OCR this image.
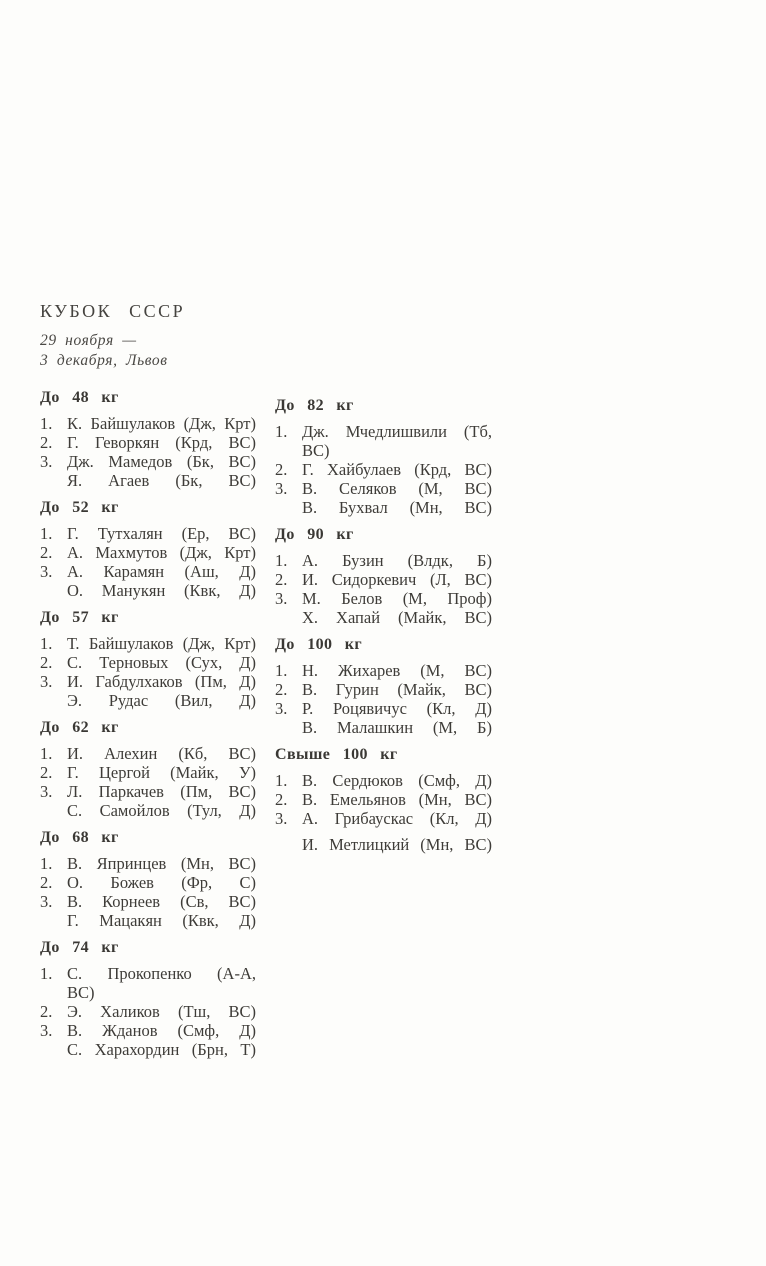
КУБОК СССР

29 ноября —
3 декабря, Львов

До 48 кг
1. К. Байшулаков (Дж, Крт)
2. Г. Геворкян (Крд, ВС)
3. Дж. Мамедов (Бк, ВС)
Я. Агаев (Бк, ВС)
До 52 кг
1. Г. Тутхалян (Ер, ВС)
2. А. Махмутов (Дж, Крт)
3. А. Карамян (Аш, Д)
О. Манукян (Квк, Д)
До 57 кг
1. Т. Байшулаков (Дж, Крт)
2. С. Терновых (Сух, Д)
3. И. Габдулхаков (Пм, Д)
Э. Рудас (Вил, Д)
До 62 кг
1. И. Алехин (Кб, ВС)
2. Г. Цергой (Майк, У)
3. Л. Паркачев (Пм, ВС)
С. Самойлов (Тул, Д)
До 68 кг
1. В. Япринцев (Мн, ВС)
2. О. Божев (Фр, С)
3. В. Корнеев (Св, ВС)
Г. Мацакян (Квк, Д)
До 74 кг
1. С. Прокопенко (А-А, ВС)
2. Э. Халиков (Тш, ВС)
3. В. Жданов (Смф, Д)
С. Харахордин (Брн, Т)
До 82 кг
1. Дж. Мчедлишвили (Тб, ВС)
2. Г. Хайбулаев (Крд, ВС)
3. В. Селяков (М, ВС)
В. Бухвал (Мн, ВС)
До 90 кг
1. А. Бузин (Влдк, Б)
2. И. Сидоркевич (Л, ВС)
3. М. Белов (М, Проф)
Х. Хапай (Майк, ВС)
До 100 кг
1. Н. Жихарев (М, ВС)
2. В. Гурин (Майк, ВС)
3. Р. Роцявичус (Кл, Д)
В. Малашкин (М, Б)
Свыше 100 кг
1. В. Сердюков (Смф, Д)
2. В. Емельянов (Мн, ВС)
3. А. Грибаускас (Кл, Д)
И. Метлицкий (Мн, ВС)
